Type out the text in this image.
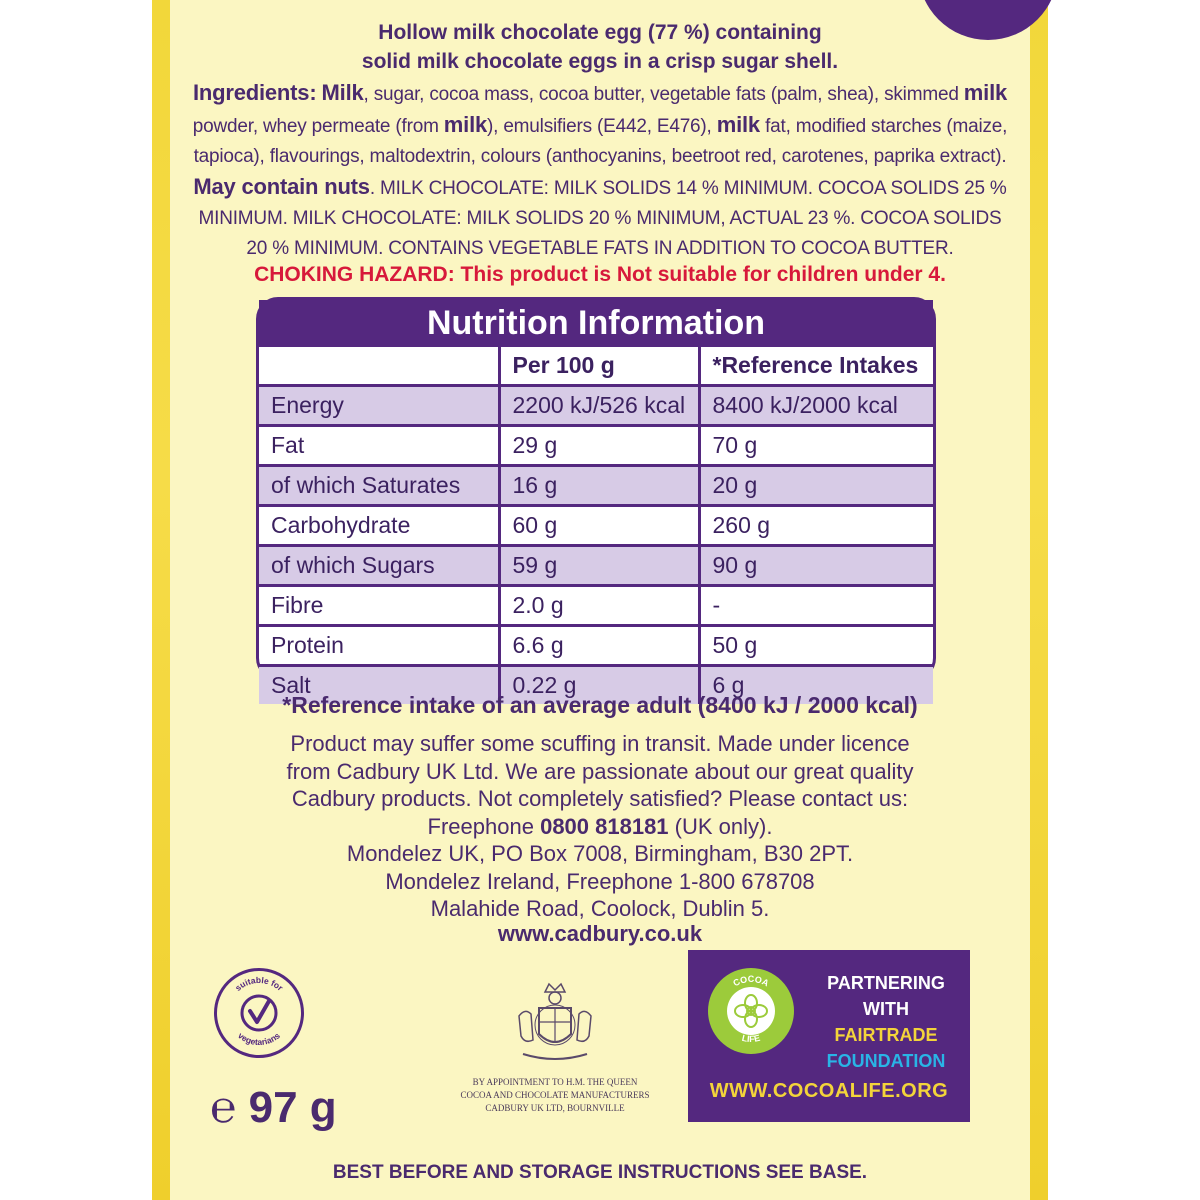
Hollow milk chocolate egg (77 %) containing
solid milk chocolate eggs in a crisp sugar shell.
Ingredients: Milk, sugar, cocoa mass, cocoa butter, vegetable fats (palm, shea), skimmed milk powder, whey permeate (from milk), emulsifiers (E442, E476), milk fat, modified starches (maize, tapioca), flavourings, maltodextrin, colours (anthocyanins, beetroot red, carotenes, paprika extract). May contain nuts. MILK CHOCOLATE: MILK SOLIDS 14 % MINIMUM. COCOA SOLIDS 25 % MINIMUM. MILK CHOCOLATE: MILK SOLIDS 20 % MINIMUM, ACTUAL 23 %. COCOA SOLIDS 20 % MINIMUM. CONTAINS VEGETABLE FATS IN ADDITION TO COCOA BUTTER.
CHOKING HAZARD: This product is Not suitable for children under 4.
Nutrition Information
	Per 100 g	*Reference Intakes
Energy	2200 kJ/526 kcal	8400 kJ/2000 kcal
Fat	29 g	70 g
of which Saturates	16 g	20 g
Carbohydrate	60 g	260 g
of which Sugars	59 g	90 g
Fibre	2.0 g	-
Protein	6.6 g	50 g
Salt	0.22 g	6 g
*Reference intake of an average adult (8400 kJ / 2000 kcal)
Product may suffer some scuffing in transit. Made under licence
from Cadbury UK Ltd. We are passionate about our great quality
Cadbury products. Not completely satisfied? Please contact us:
Freephone 0800 818181 (UK only).
Mondelez UK, PO Box 7008, Birmingham, B30 2PT.
Mondelez Ireland, Freephone 1-800 678708
Malahide Road, Coolock, Dublin 5.
www.cadbury.co.uk
suitable for
vegetarians
℮ 97 g
BY APPOINTMENT TO H.M. THE QUEEN
COCOA AND CHOCOLATE MANUFACTURERS
CADBURY UK LTD, BOURNVILLE
COCOA
LIFE
PARTNERING
WITH
FAIRTRADE
FOUNDATION
WWW.COCOALIFE.ORG
BEST BEFORE AND STORAGE INSTRUCTIONS SEE BASE.
